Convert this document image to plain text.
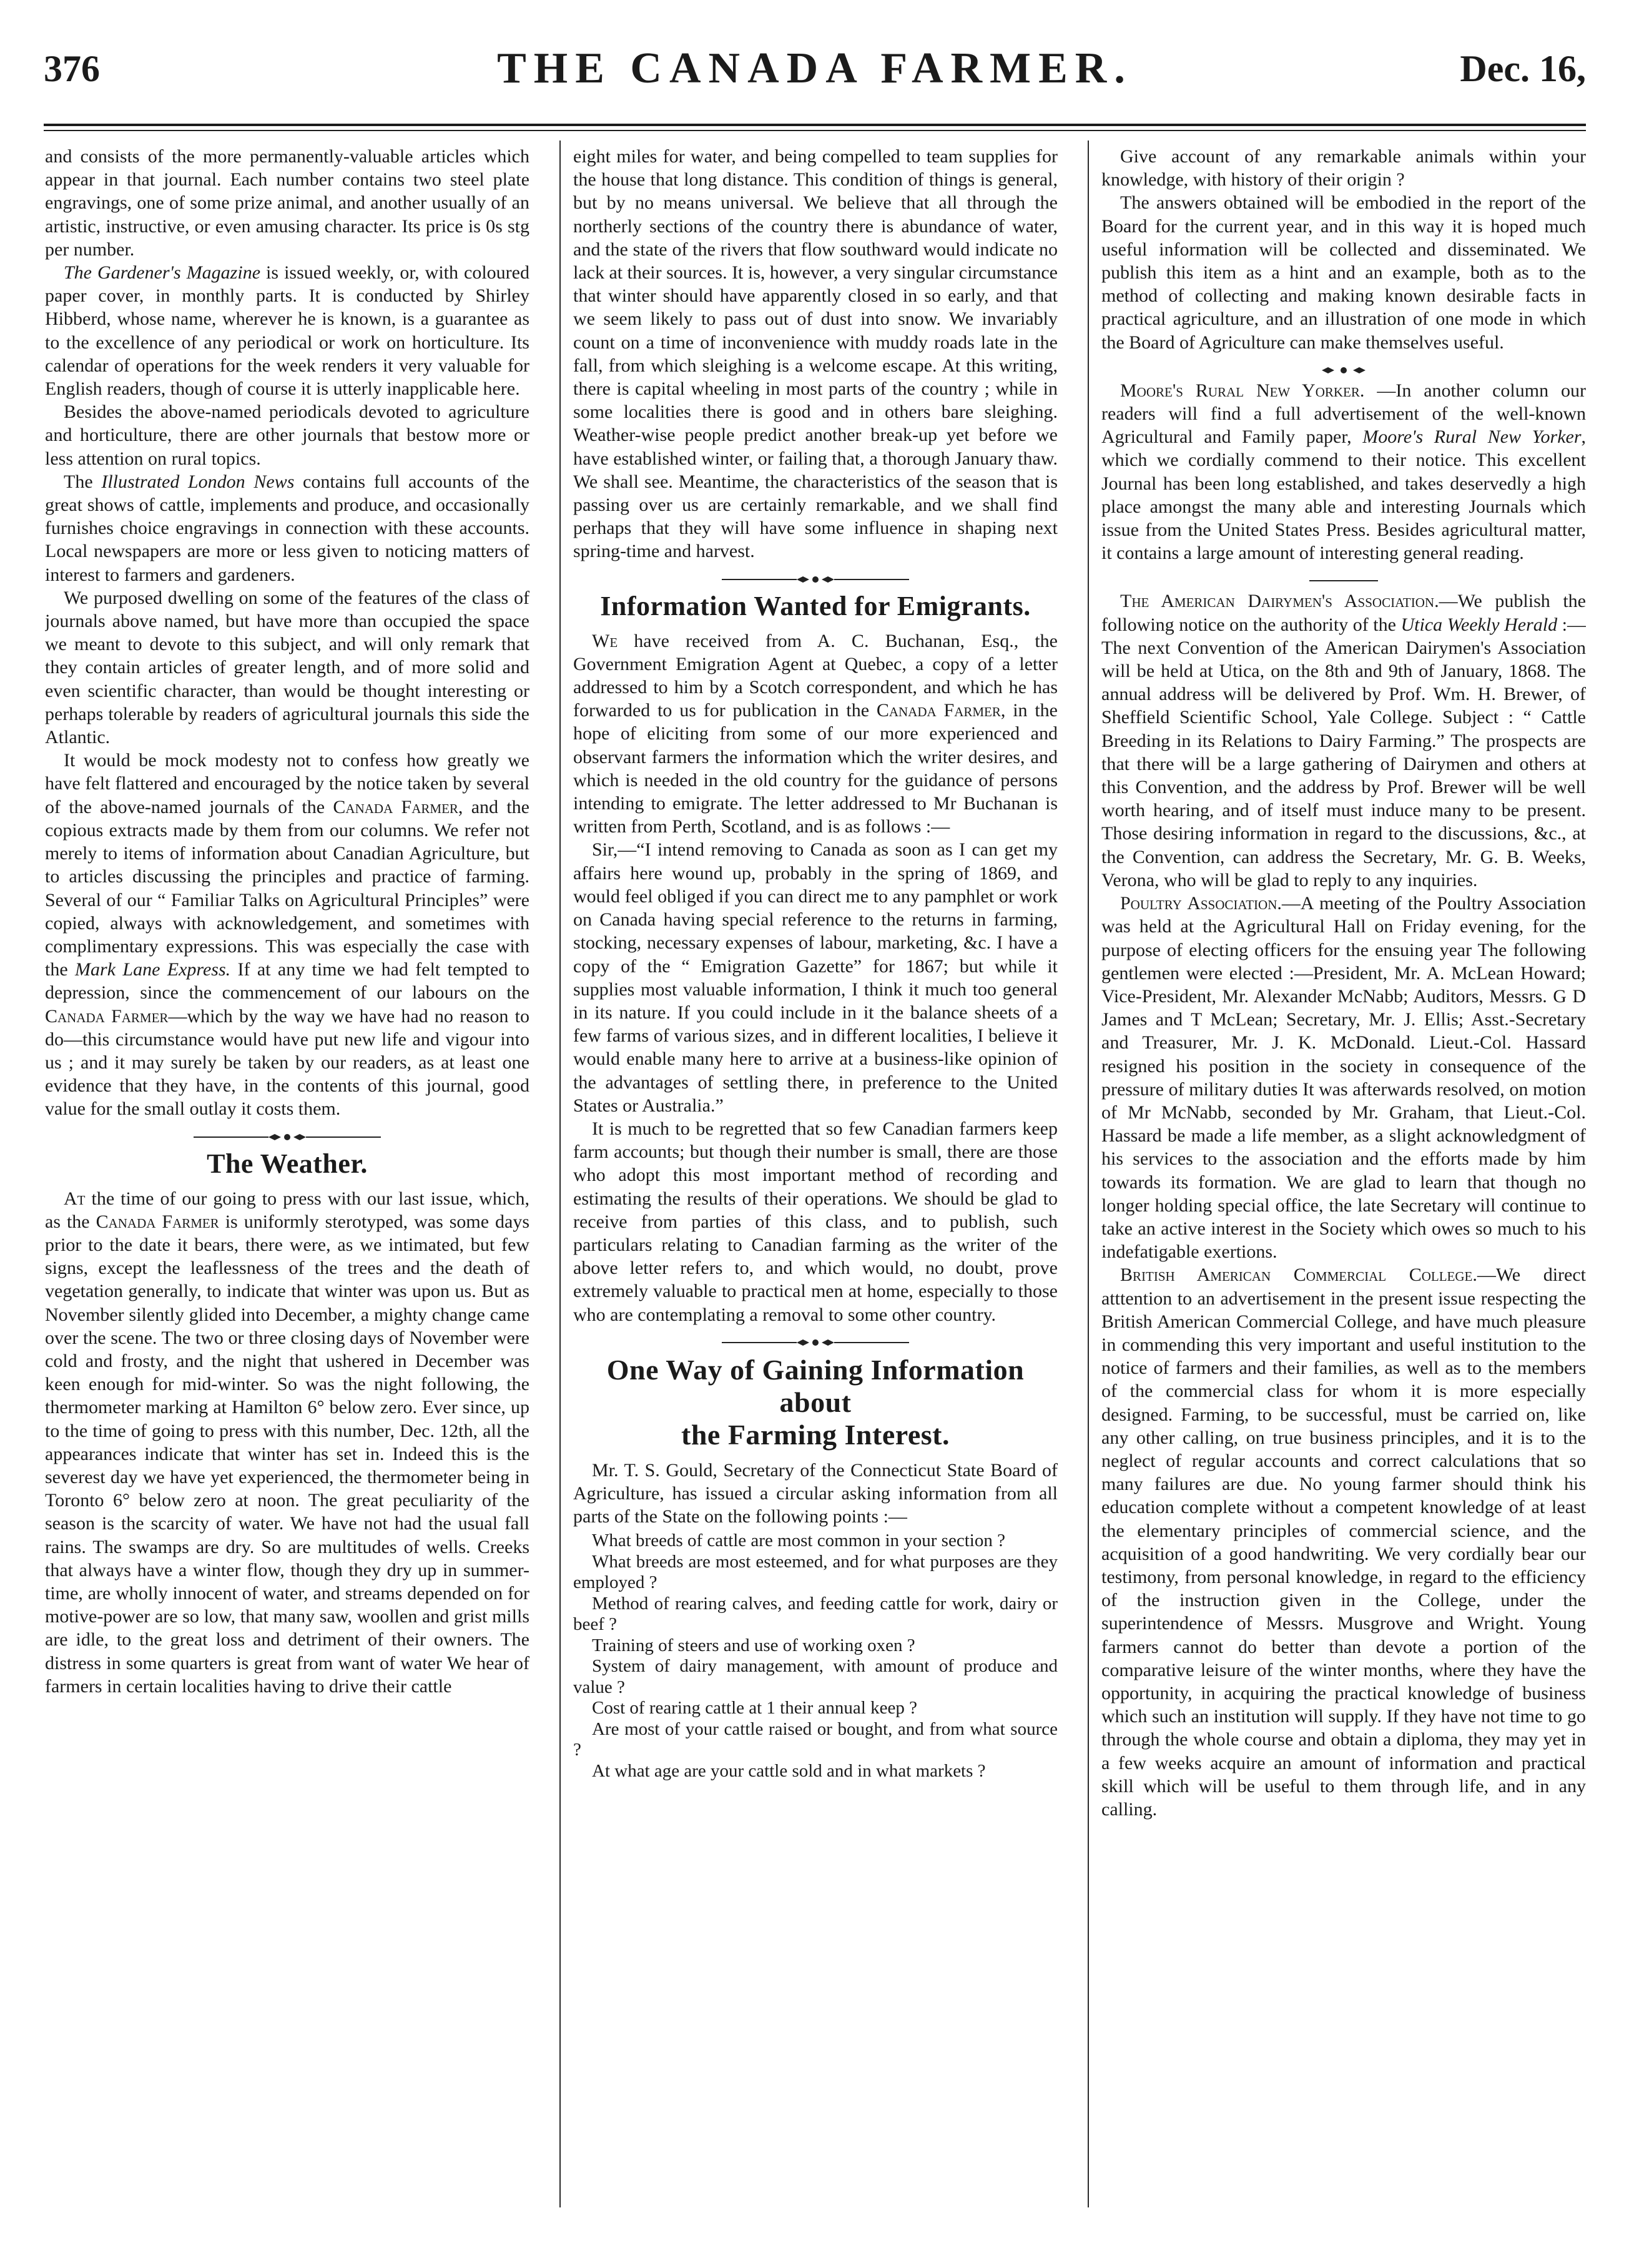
376	THE CANADA FARMER.	Dec. 16,

and consists of the more permanently-valuable articles which appear in that journal. Each number contains two steel plate engravings, one of some prize animal, and another usually of an artistic, instructive, or even amusing character. Its price is 0s stg per number.

The Gardener's Magazine is issued weekly, or, with coloured paper cover, in monthly parts. It is conducted by Shirley Hibberd, whose name, wherever he is known, is a guarantee as to the excellence of any periodical or work on horticulture. Its calendar of operations for the week renders it very valuable for English readers, though of course it is utterly inapplicable here.

Besides the above-named periodicals devoted to agriculture and horticulture, there are other journals that bestow more or less attention on rural topics.

The Illustrated London News contains full accounts of the great shows of cattle, implements and produce, and occasionally furnishes choice engravings in connection with these accounts. Local newspapers are more or less given to noticing matters of interest to farmers and gardeners.

We purposed dwelling on some of the features of the class of journals above named, but have more than occupied the space we meant to devote to this subject, and will only remark that they contain articles of greater length, and of more solid and even scientific character, than would be thought interesting or perhaps tolerable by readers of agricultural journals this side the Atlantic.

It would be mock modesty not to confess how greatly we have felt flattered and encouraged by the notice taken by several of the above-named journals of the Canada Farmer, and the copious extracts made by them from our columns. We refer not merely to items of information about Canadian Agriculture, but to articles discussing the principles and practice of farming. Several of our “ Familiar Talks on Agricultural Principles” were copied, always with acknowledgement, and sometimes with complimentary expressions. This was especially the case with the Mark Lane Express. If at any time we had felt tempted to depression, since the commencement of our labours on the Canada Farmer—which by the way we have had no reason to do—this circumstance would have put new life and vigour into us ; and it may surely be taken by our readers, as at least one evidence that they have, in the contents of this journal, good value for the small outlay it costs them.

The Weather.

At the time of our going to press with our last issue, which, as the Canada Farmer is uniformly sterotyped, was some days prior to the date it bears, there were, as we intimated, but few signs, except the leaflessness of the trees and the death of vegetation generally, to indicate that winter was upon us. But as November silently glided into December, a mighty change came over the scene. The two or three closing days of November were cold and frosty, and the night that ushered in December was keen enough for mid-winter. So was the night following, the thermometer marking at Hamilton 6° below zero. Ever since, up to the time of going to press with this number, Dec. 12th, all the appearances indicate that winter has set in. Indeed this is the severest day we have yet experienced, the thermometer being in Toronto 6° below zero at noon. The great peculiarity of the season is the scarcity of water. We have not had the usual fall rains. The swamps are dry. So are multitudes of wells. Creeks that always have a winter flow, though they dry up in summer-time, are wholly innocent of water, and streams depended on for motive-power are so low, that many saw, woollen and grist mills are idle, to the great loss and detriment of their owners. The distress in some quarters is great from want of water We hear of farmers in certain localities having to drive their cattle

eight miles for water, and being compelled to team supplies for the house that long distance. This condition of things is general, but by no means universal. We believe that all through the northerly sections of the country there is abundance of water, and the state of the rivers that flow southward would indicate no lack at their sources. It is, however, a very singular circumstance that winter should have apparently closed in so early, and that we seem likely to pass out of dust into snow. We invariably count on a time of inconvenience with muddy roads late in the fall, from which sleighing is a welcome escape. At this writing, there is capital wheeling in most parts of the country ; while in some localities there is good and in others bare sleighing. Weather-wise people predict another break-up yet before we have established winter, or failing that, a thorough January thaw. We shall see. Meantime, the characteristics of the season that is passing over us are certainly remarkable, and we shall find perhaps that they will have some influence in shaping next spring-time and harvest.

Information Wanted for Emigrants.

We have received from A. C. Buchanan, Esq., the Government Emigration Agent at Quebec, a copy of a letter addressed to him by a Scotch correspondent, and which he has forwarded to us for publication in the Canada Farmer, in the hope of eliciting from some of our more experienced and observant farmers the information which the writer desires, and which is needed in the old country for the guidance of persons intending to emigrate. The letter addressed to Mr Buchanan is written from Perth, Scotland, and is as follows :—

Sir,—“I intend removing to Canada as soon as I can get my affairs here wound up, probably in the spring of 1869, and would feel obliged if you can direct me to any pamphlet or work on Canada having special reference to the returns in farming, stocking, necessary expenses of labour, marketing, &c. I have a copy of the “ Emigration Gazette” for 1867; but while it supplies most valuable information, I think it much too general in its nature. If you could include in it the balance sheets of a few farms of various sizes, and in different localities, I believe it would enable many here to arrive at a business-like opinion of the advantages of settling there, in preference to the United States or Australia.”

It is much to be regretted that so few Canadian farmers keep farm accounts; but though their number is small, there are those who adopt this most important method of recording and estimating the results of their operations. We should be glad to receive from parties of this class, and to publish, such particulars relating to Canadian farming as the writer of the above letter refers to, and which would, no doubt, prove extremely valuable to practical men at home, especially to those who are contemplating a removal to some other country.

One Way of Gaining Information about
the Farming Interest.

Mr. T. S. Gould, Secretary of the Connecticut State Board of Agriculture, has issued a circular asking information from all parts of the State on the following points :—

What breeds of cattle are most common in your section ?

What breeds are most esteemed, and for what purposes are they employed ?

Method of rearing calves, and feeding cattle for work, dairy or beef ?

Training of steers and use of working oxen ?

System of dairy management, with amount of produce and value ?

Cost of rearing cattle at 1 their annual keep ?

Are most of your cattle raised or bought, and from what source ?

At what age are your cattle sold and in what markets ?

Give account of any remarkable animals within your knowledge, with history of their origin ?

The answers obtained will be embodied in the report of the Board for the current year, and in this way it is hoped much useful information will be collected and disseminated. We publish this item as a hint and an example, both as to the method of collecting and making known desirable facts in practical agriculture, and an illustration of one mode in which the Board of Agriculture can make themselves useful.

Moore's Rural New Yorker. —In another column our readers will find a full advertisement of the well-known Agricultural and Family paper, Moore's Rural New Yorker, which we cordially commend to their notice. This excellent Journal has been long established, and takes deservedly a high place amongst the many able and interesting Journals which issue from the United States Press. Besides agricultural matter, it contains a large amount of interesting general reading.

The American Dairymen's Association.—We publish the following notice on the authority of the Utica Weekly Herald :—The next Convention of the American Dairymen's Association will be held at Utica, on the 8th and 9th of January, 1868. The annual address will be delivered by Prof. Wm. H. Brewer, of Sheffield Scientific School, Yale College. Subject : “ Cattle Breeding in its Relations to Dairy Farming.” The prospects are that there will be a large gathering of Dairymen and others at this Convention, and the address by Prof. Brewer will be well worth hearing, and of itself must induce many to be present. Those desiring information in regard to the discussions, &c., at the Convention, can address the Secretary, Mr. G. B. Weeks, Verona, who will be glad to reply to any inquiries.

Poultry Association.—A meeting of the Poultry Association was held at the Agricultural Hall on Friday evening, for the purpose of electing officers for the ensuing year The following gentlemen were elected :—President, Mr. A. McLean Howard; Vice-President, Mr. Alexander McNabb; Auditors, Messrs. G D James and T McLean; Secretary, Mr. J. Ellis; Asst.-Secretary and Treasurer, Mr. J. K. McDonald. Lieut.-Col. Hassard resigned his position in the society in consequence of the pressure of military duties It was afterwards resolved, on motion of Mr McNabb, seconded by Mr. Graham, that Lieut.-Col. Hassard be made a life member, as a slight acknowledgment of his services to the association and the efforts made by him towards its formation. We are glad to learn that though no longer holding special office, the late Secretary will continue to take an active interest in the Society which owes so much to his indefatigable exertions.

British American Commercial College.—We direct atttention to an advertisement in the present issue respecting the British American Commercial College, and have much pleasure in commending this very important and useful institution to the notice of farmers and their families, as well as to the members of the commercial class for whom it is more especially designed. Farming, to be successful, must be carried on, like any other calling, on true business principles, and it is to the neglect of regular accounts and correct calculations that so many failures are due. No young farmer should think his education complete without a competent knowledge of at least the elementary principles of commercial science, and the acquisition of a good handwriting. We very cordially bear our testimony, from personal knowledge, in regard to the efficiency of the instruction given in the College, under the superintendence of Messrs. Musgrove and Wright. Young farmers cannot do better than devote a portion of the comparative leisure of the winter months, where they have the opportunity, in acquiring the practical knowledge of business which such an institution will supply. If they have not time to go through the whole course and obtain a diploma, they may yet in a few weeks acquire an amount of information and practical skill which will be useful to them through life, and in any calling.
